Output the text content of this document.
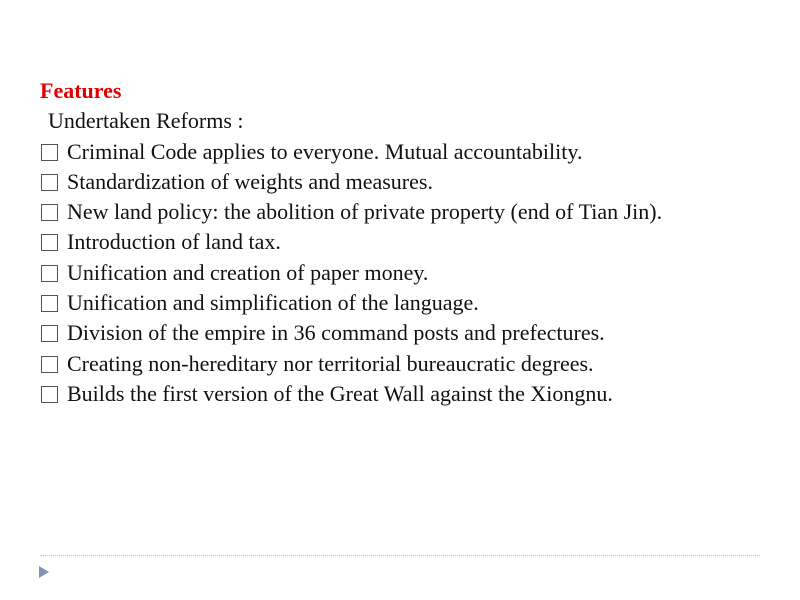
Features

Undertaken Reforms :

Criminal Code applies to everyone. Mutual accountability.
Standardization of weights and measures.
New land policy: the abolition of private property (end of Tian Jin).
Introduction of land tax.
Unification and creation of paper money.
Unification and simplification of the language.
Division of the empire in 36 command posts and prefectures.
Creating non-hereditary nor territorial bureaucratic degrees.
Builds the first version of the Great Wall against the Xiongnu.
